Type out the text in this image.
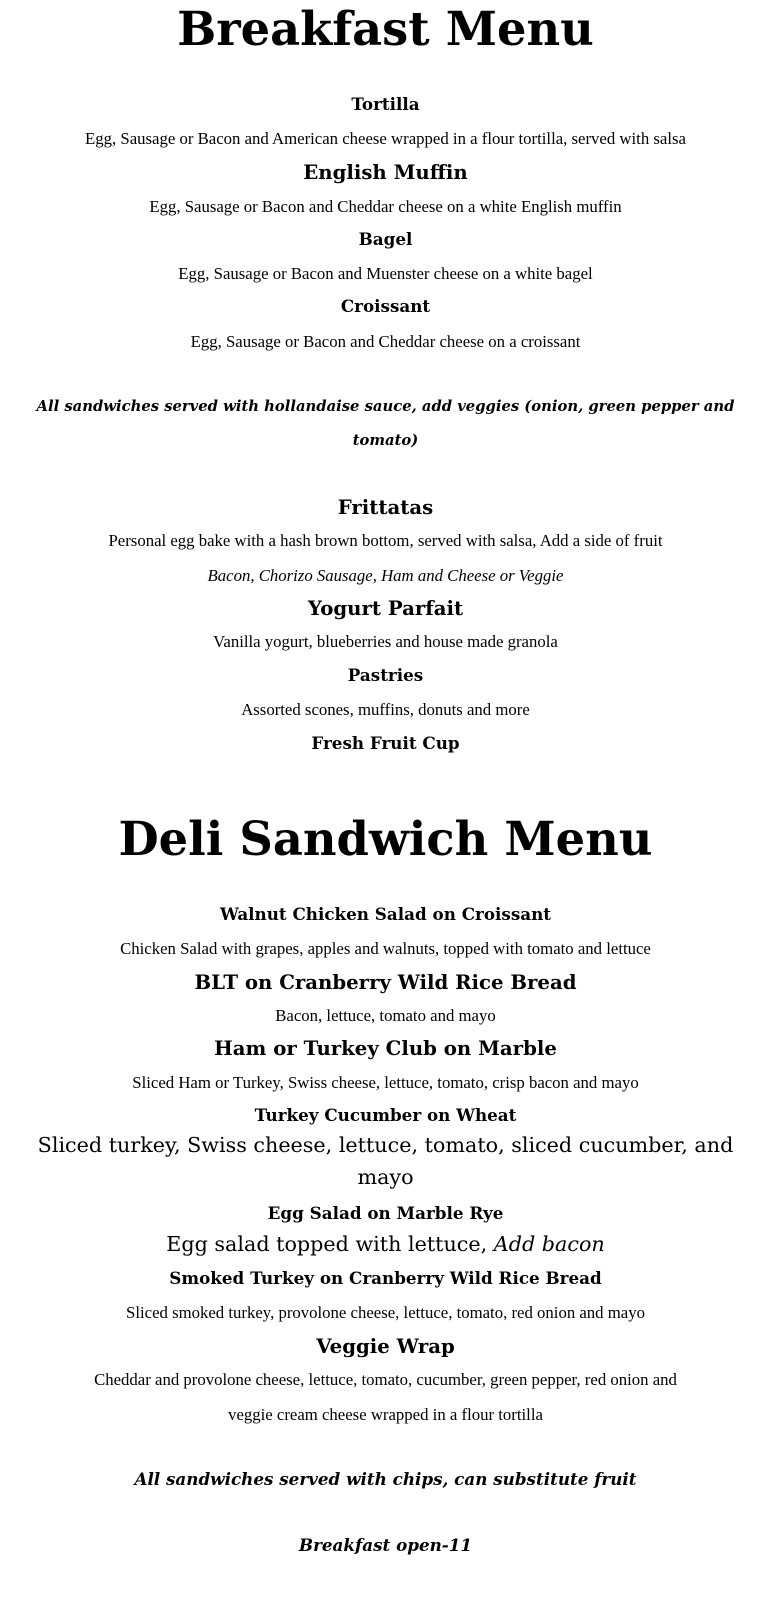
Breakfast Menu
Tortilla
Egg, Sausage or Bacon and American cheese wrapped in a flour tortilla, served with salsa
English Muffin
Egg, Sausage or Bacon and Cheddar cheese on a white English muffin
Bagel
Egg, Sausage or Bacon and Muenster cheese on a white bagel
Croissant
Egg, Sausage or Bacon and Cheddar cheese on a croissant
All sandwiches served with hollandaise sauce, add veggies (onion, green pepper and
tomato)
Frittatas
Personal egg bake with a hash brown bottom, served with salsa, Add a side of fruit
Bacon, Chorizo Sausage, Ham and Cheese or Veggie
Yogurt Parfait
Vanilla yogurt, blueberries and house made granola
Pastries
Assorted scones, muffins, donuts and more
Fresh Fruit Cup
Deli Sandwich Menu
Walnut Chicken Salad on Croissant
Chicken Salad with grapes, apples and walnuts, topped with tomato and lettuce
BLT on Cranberry Wild Rice Bread
Bacon, lettuce, tomato and mayo
Ham or Turkey Club on Marble
Sliced Ham or Turkey, Swiss cheese, lettuce, tomato, crisp bacon and mayo
Turkey Cucumber on Wheat
Sliced turkey, Swiss cheese, lettuce, tomato, sliced cucumber, and
mayo
Egg Salad on Marble Rye
Egg salad topped with lettuce, Add bacon
Smoked Turkey on Cranberry Wild Rice Bread
Sliced smoked turkey, provolone cheese, lettuce, tomato, red onion and mayo
Veggie Wrap
Cheddar and provolone cheese, lettuce, tomato, cucumber, green pepper, red onion and
veggie cream cheese wrapped in a flour tortilla
All sandwiches served with chips, can substitute fruit
Breakfast open-11
